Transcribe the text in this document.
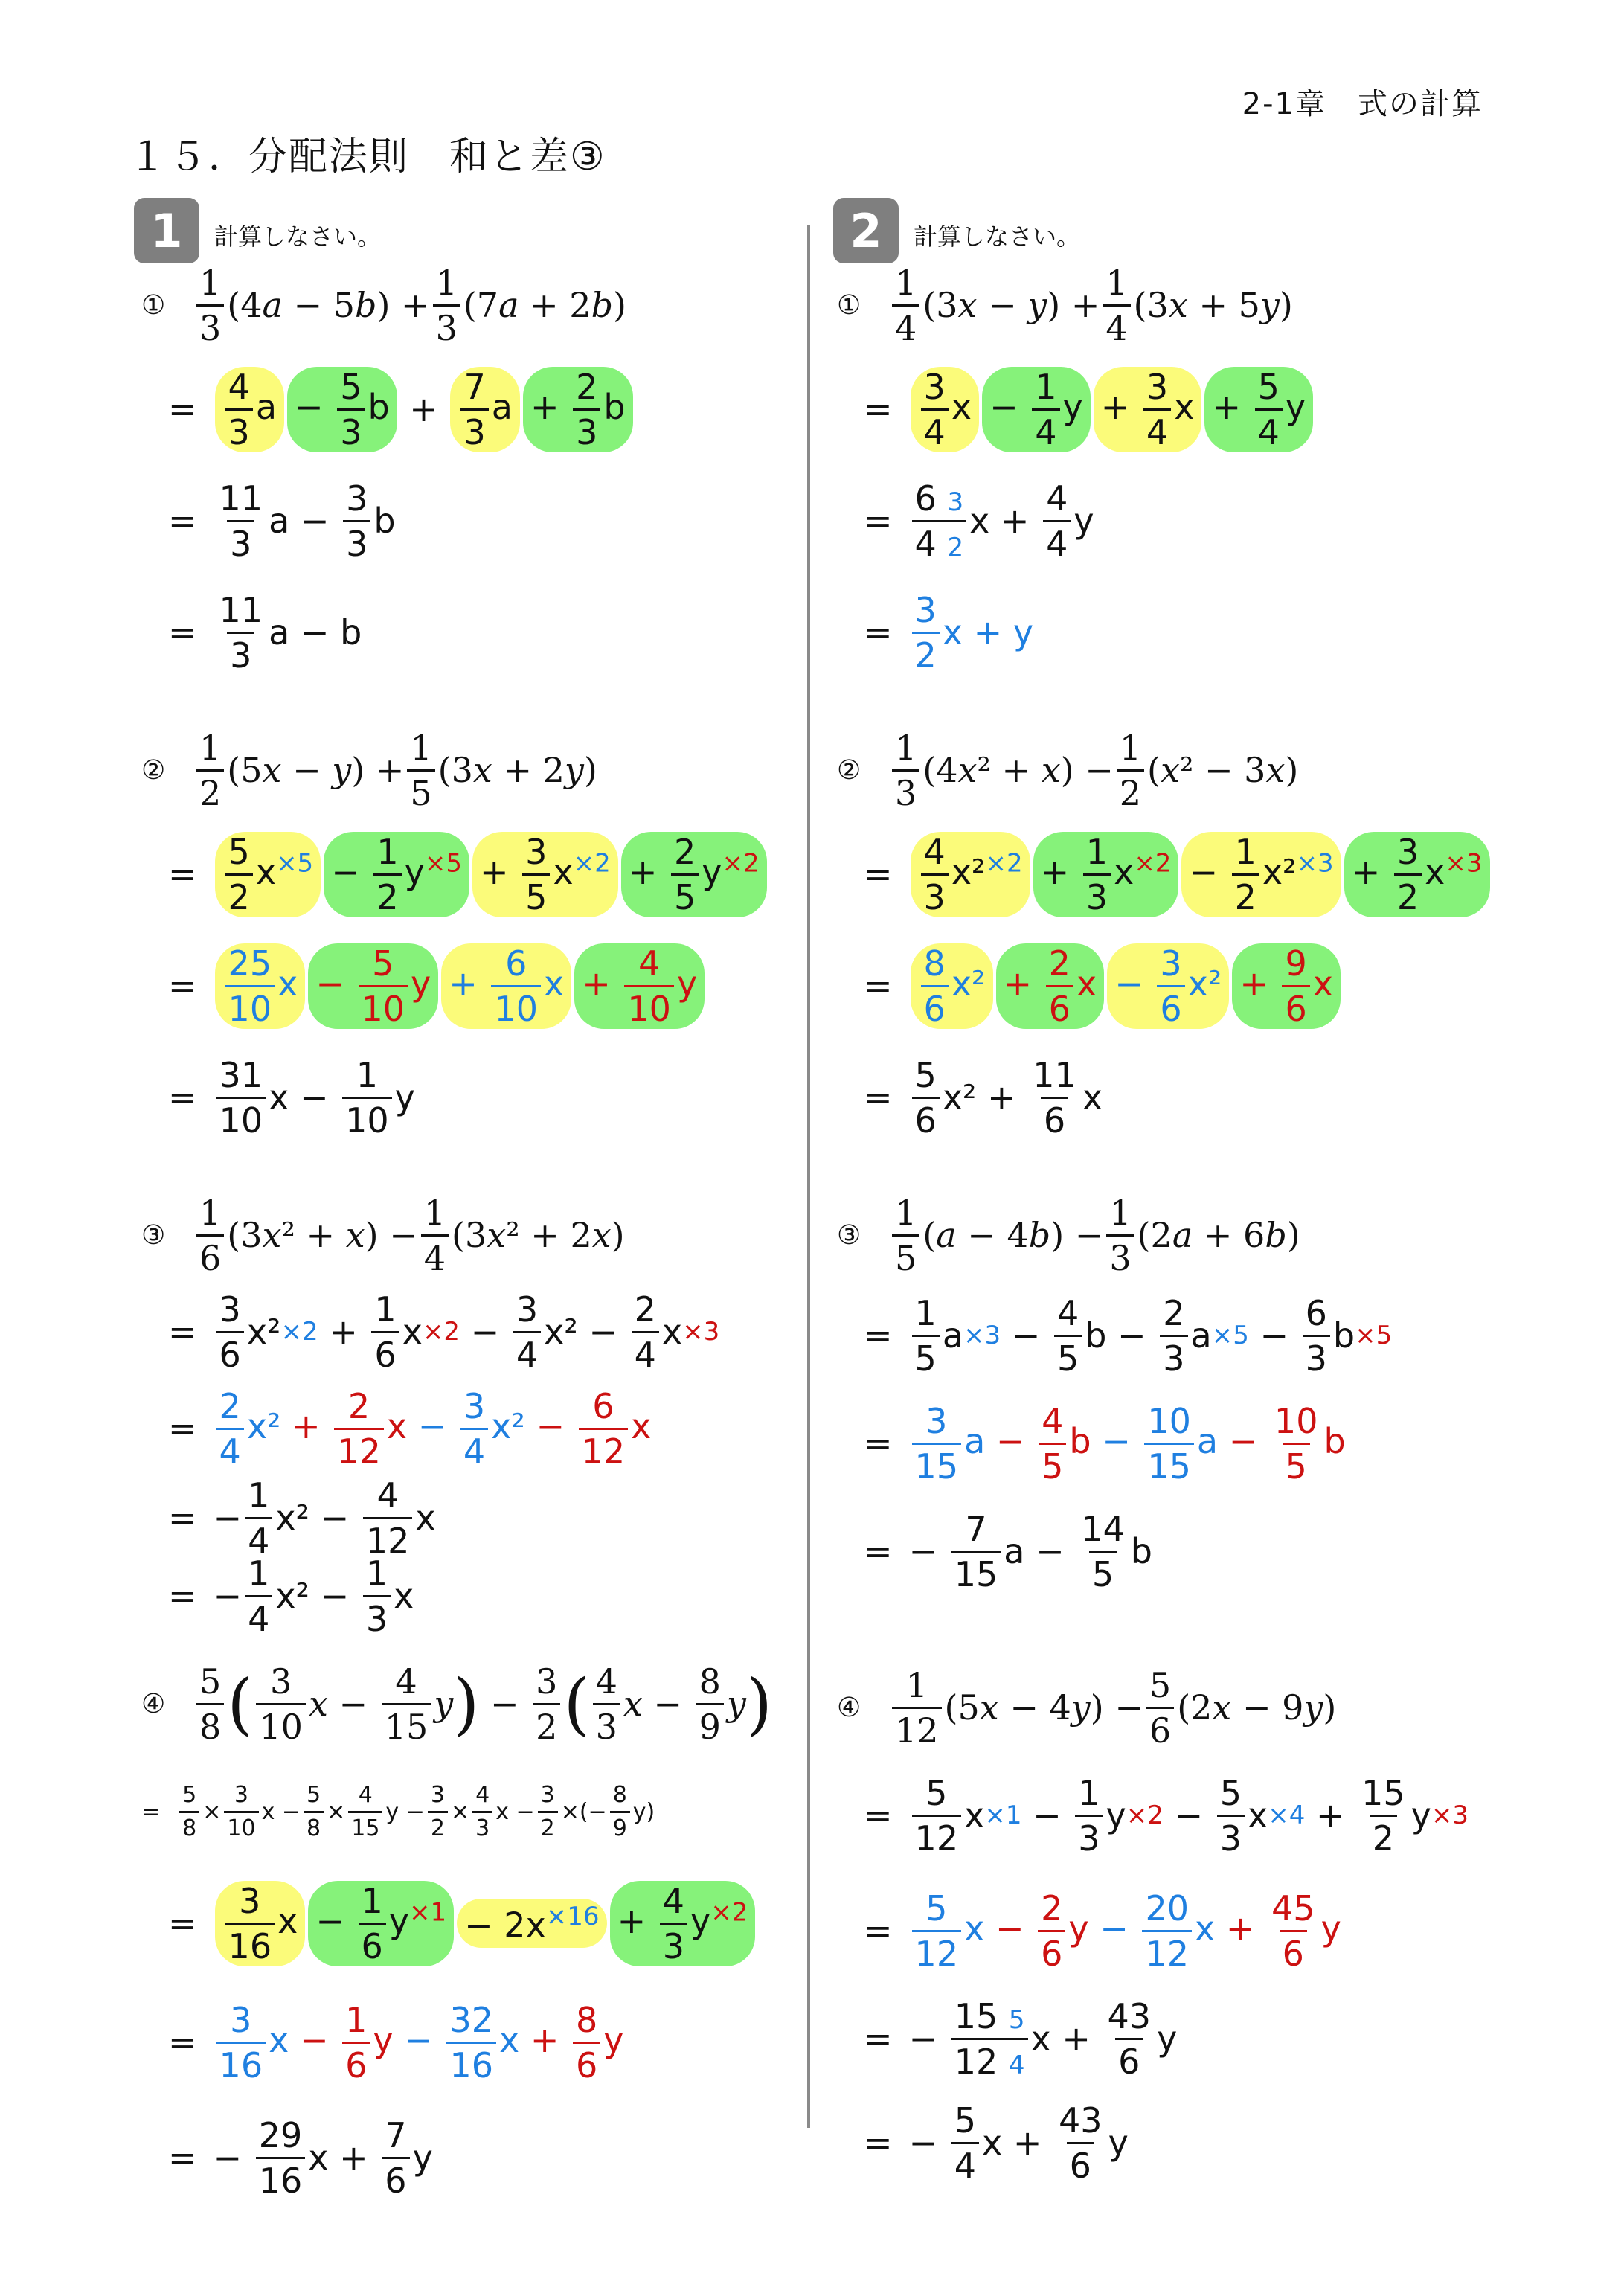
2-1章　式の計算
１５．分配法則　和と差③
1	計算しなさい。	2	計算しなさい。
① $\frac{1}{3} (4a - 5b) + \frac{1}{3} (7a + 2b)$
= $\frac{4}{3}$ $a - \frac{5}{3}$ $b + \frac{7}{3}$ $a + \frac{2}{3}$ b
= $\frac{11}{3}$ $a - \frac{3}{3}$ b
= $\frac{11}{3}$ a − b
① $\frac{1}{4} (3x - y) + \frac{1}{4} (3x + 5y)$
= $\frac{3}{4}$ $x - \frac{1}{4}$ $y + \frac{3}{4}$ $x + \frac{5}{4}$ y
= $\frac{6 3}{4 2}$ $x + \frac{4}{4}$ y
= $\frac{3}{2}$ x + y
② $\frac{1}{2} (5x - y) + \frac{1}{5} (3x + 2y)$
= $\frac{5}{2} x^{\times 5} - \frac{1}{2} y^{\times 5} + \frac{3}{5} x^{\times 2} + \frac{2}{5} y^{\times 2}$
= $\frac{25}{10}$ $x - \frac{5}{10}$ $y + \frac{6}{10}$ $x + \frac{4}{10}$ y
= $\frac{31}{10}$ $x - \frac{1}{10}$ y
② $\frac{1}{3} (4x^2 + x) - \frac{1}{2} (x^2 - 3x)$
= $\frac{4}{3} x^2^{\times 2} + \frac{1}{3} x^{\times 2} - \frac{1}{2} x^2^{\times 3} + \frac{3}{2} x^{\times 3}$
= $\frac{8}{6} x^2 + \frac{2}{6}$ $x - \frac{3}{6} x^2 + \frac{9}{6}$ x
= $\frac{5}{6} x^2 + \frac{11}{6}$ x
③ $\frac{1}{6} (3x^2 + x) - \frac{1}{4} (3x^2 + 2x)$
= $\frac{3}{6} x^2 \times 2 + \frac{1}{6}$ $x \times 2 - \frac{3}{4} x^2 - \frac{2}{4}$ x ×3
= $\frac{2}{4} x^2 + \frac{2}{12}$ $x - \frac{3}{4} x^2 - \frac{6}{12}$ x
= − $\frac{1}{4} x^2 - \frac{4}{12}$ x
= − $\frac{1}{4} x^2 - \frac{1}{3}$ x
③ $\frac{1}{5} (a - 4b) - \frac{1}{3} (2a + 6b)$
= $\frac{1}{5}$ $a \times 3 - \frac{4}{5}$ $b - \frac{2}{3}$ $a \times 5 - \frac{6}{3}$ b ×5
= $\frac{3}{15}$ $a - \frac{4}{5}$ $b - \frac{10}{15}$ $a - \frac{10}{5}$ b
= − $\frac{7}{15}$ $a - \frac{14}{5}$ b
④ $\frac{5}{8}$ ( $\frac{3}{10}$ $x - \frac{4}{15}$ y ) − $\frac{3}{2}$ ( $\frac{4}{3}$ $x - \frac{8}{9}$ y )
= $\frac{5}{8} \times \frac{3}{10}$ $x - \frac{5}{8} \times \frac{4}{15}$ $y - \frac{3}{2} \times \frac{4}{3}$ $x - \frac{3}{2}$ ×(− $\frac{8}{9} y$)
= $\frac{3}{16}$ $x - \frac{1}{6} y^{\times 1} - 2x^{\times 16} + \frac{4}{3} y^{\times 2}$
= $\frac{3}{16}$ $x - \frac{1}{6}$ $y - \frac{32}{16}$ $x + \frac{8}{6}$ y
= − $\frac{29}{16}$ $x + \frac{7}{6}$ y
④ $\frac{1}{12} (5x - 4y) - \frac{5}{6} (2x - 9y)$
= $\frac{5}{12}$ $x \times 1 - \frac{1}{3}$ $y \times 2 - \frac{5}{3}$ $x \times 4 + \frac{15}{2}$ y ×3
= $\frac{5}{12}$ $x - \frac{2}{6}$ $y - \frac{20}{12}$ $x + \frac{45}{6}$ y
= − $\frac{15 5}{12 4}$ $x + \frac{43}{6}$ y
= − $\frac{5}{4}$ $x + \frac{43}{6}$ y
